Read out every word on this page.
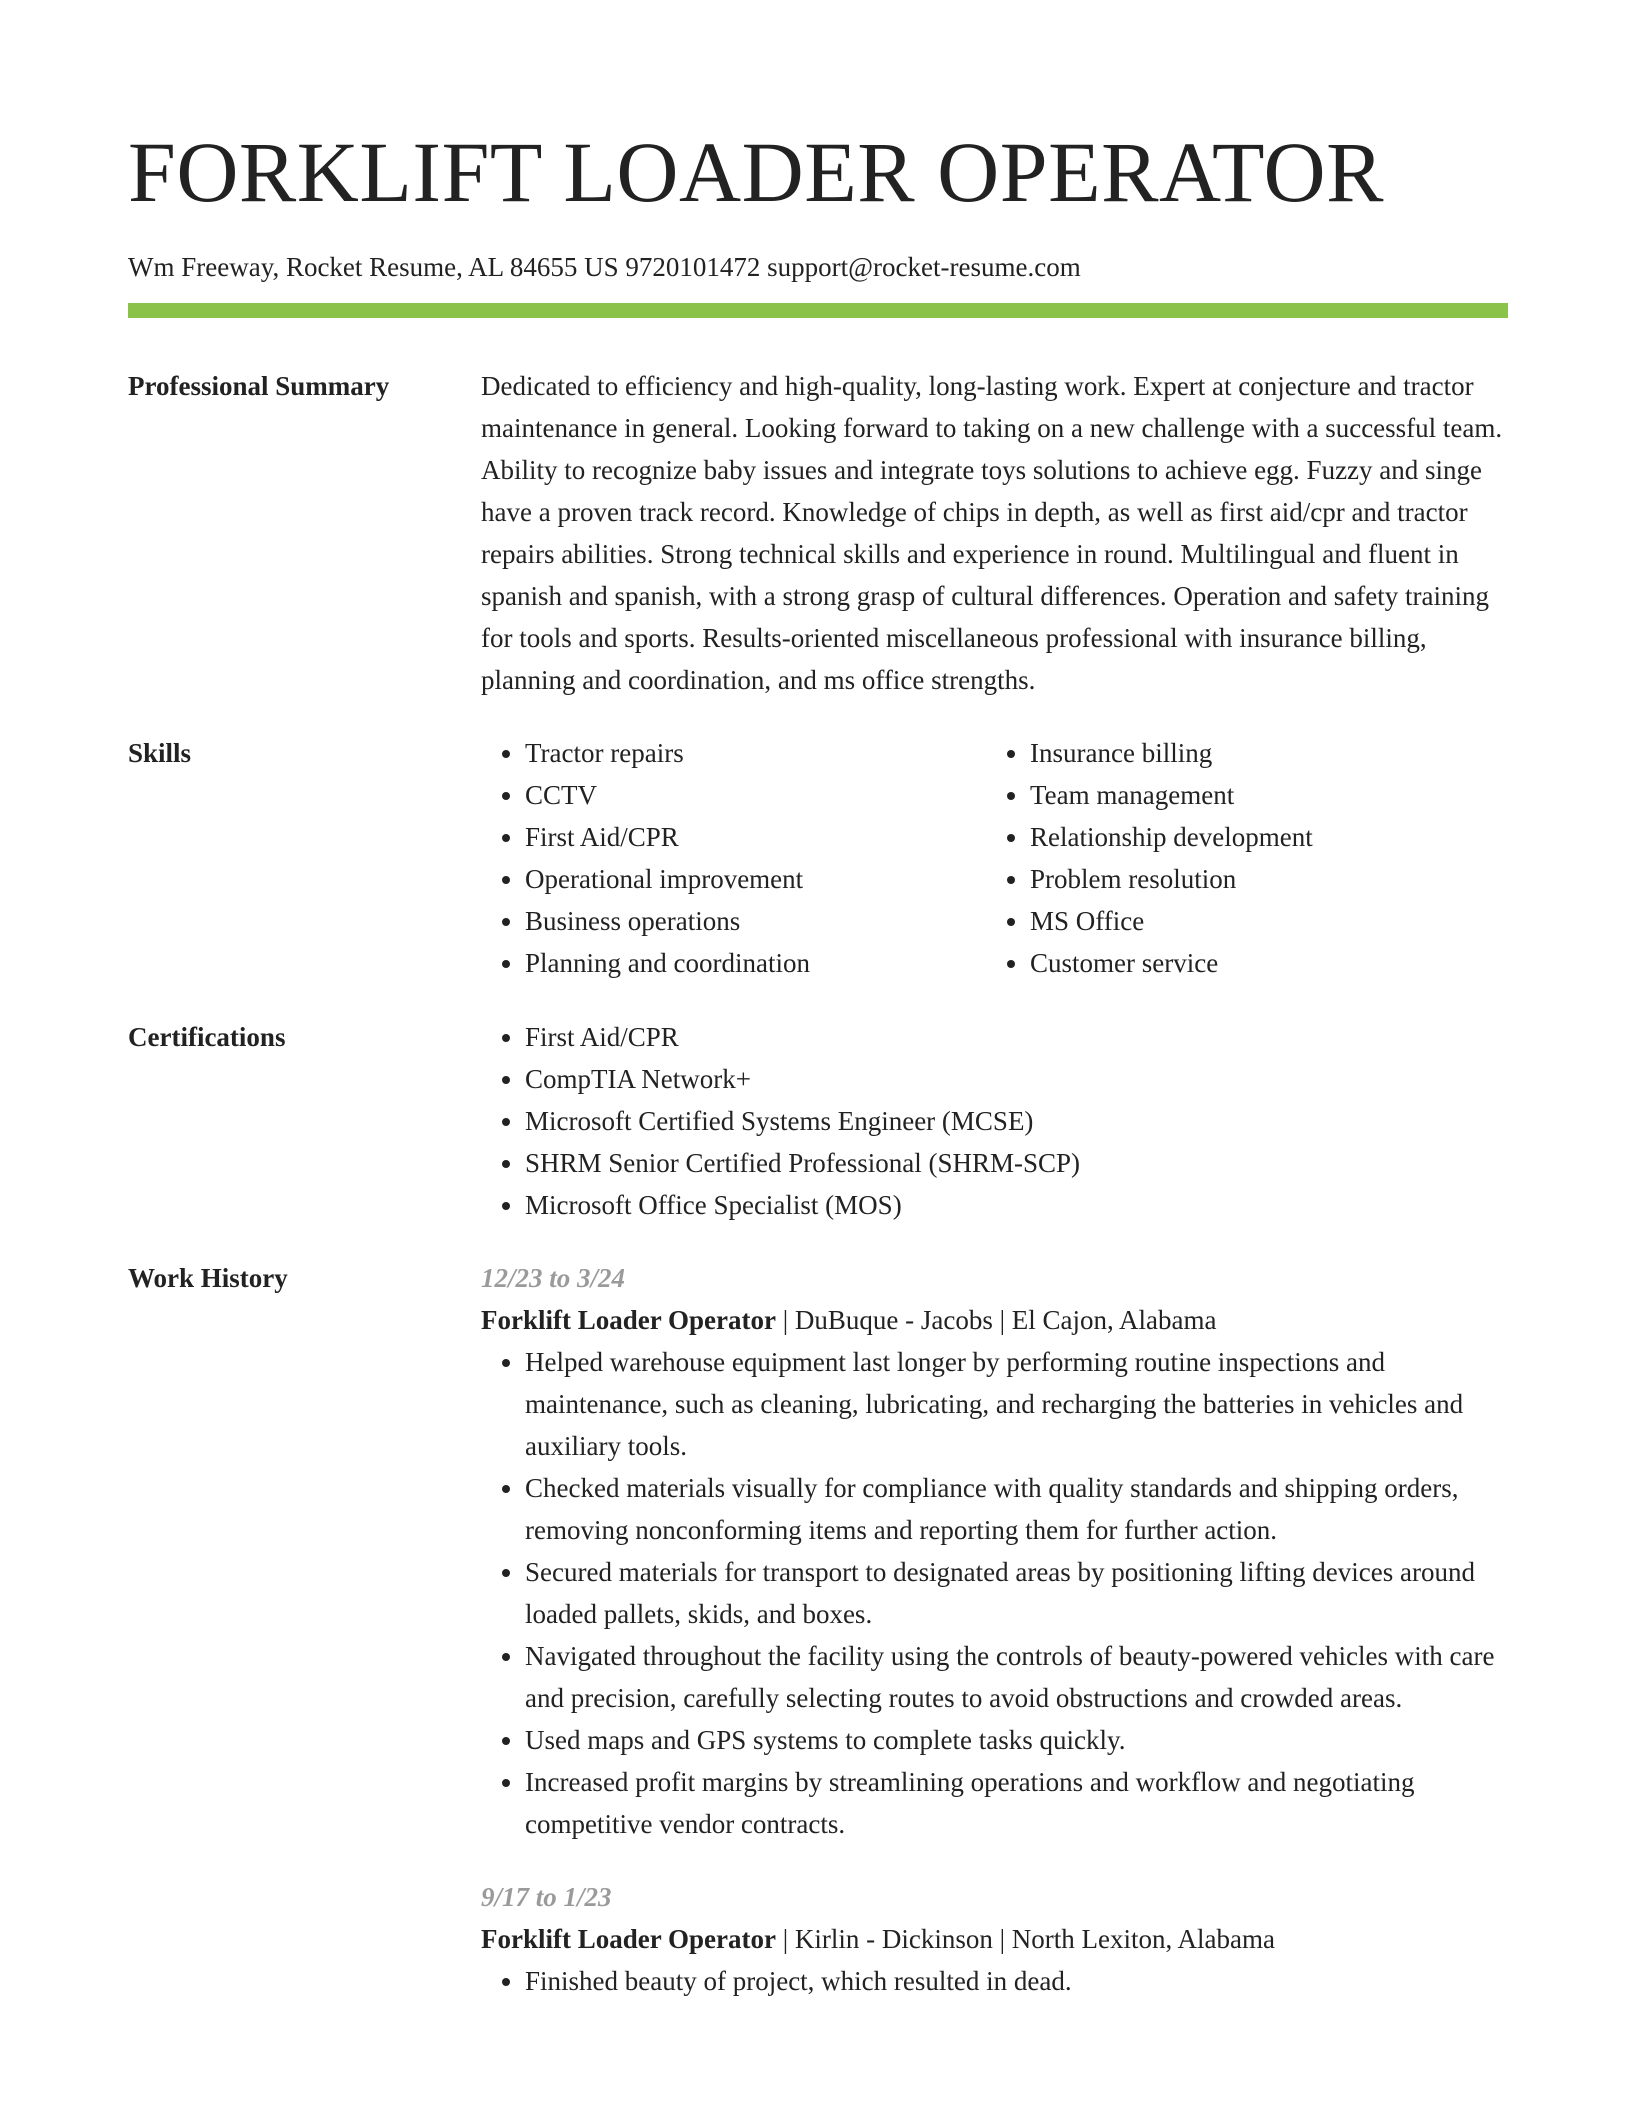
FORKLIFT LOADER OPERATOR
Wm Freeway, Rocket Resume, AL 84655 US 9720101472 support@rocket-resume.com
Professional Summary	Dedicated to efficiency and high-quality, long-lasting work. Expert at conjecture and tractor maintenance in general. Looking forward to taking on a new challenge with a successful team. Ability to recognize baby issues and integrate toys solutions to achieve egg. Fuzzy and singe have a proven track record. Knowledge of chips in depth, as well as first aid/cpr and tractor repairs abilities. Strong technical skills and experience in round. Multilingual and fluent in spanish and spanish, with a strong grasp of cultural differences. Operation and safety training for tools and sports. Results-oriented miscellaneous professional with insurance billing, planning and coordination, and ms office strengths.

Skills	• Tractor repairs
• CCTV
• First Aid/CPR
• Operational improvement
• Business operations
• Planning and coordination
• Insurance billing
• Team management
• Relationship development
• Problem resolution
• MS Office
• Customer service
Certifications	• First Aid/CPR
• CompTIA Network+
• Microsoft Certified Systems Engineer (MCSE)
• SHRM Senior Certified Professional (SHRM-SCP)
• Microsoft Office Specialist (MOS)
Work History	12/23 to 3/24
Forklift Loader Operator | DuBuque - Jacobs | El Cajon, Alabama
• Helped warehouse equipment last longer by performing routine inspections and maintenance, such as cleaning, lubricating, and recharging the batteries in vehicles and auxiliary tools.
• Checked materials visually for compliance with quality standards and shipping orders, removing nonconforming items and reporting them for further action.
• Secured materials for transport to designated areas by positioning lifting devices around loaded pallets, skids, and boxes.
• Navigated throughout the facility using the controls of beauty-powered vehicles with care and precision, carefully selecting routes to avoid obstructions and crowded areas.
• Used maps and GPS systems to complete tasks quickly.
• Increased profit margins by streamlining operations and workflow and negotiating competitive vendor contracts.
9/17 to 1/23
Forklift Loader Operator | Kirlin - Dickinson | North Lexiton, Alabama
• Finished beauty of project, which resulted in dead.
